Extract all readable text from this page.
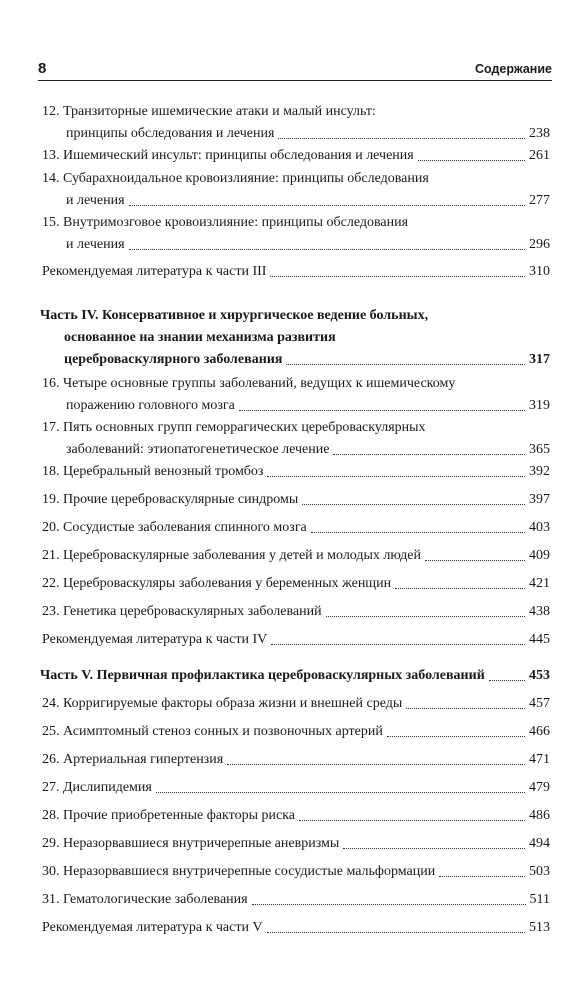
8	Содержание
12. Транзиторные ишемические атаки и малый инсульт:
принципы обследования и лечения	238
13. Ишемический инсульт: принципы обследования и лечения	261
14. Субарахноидальное кровоизлияние: принципы обследования
и лечения	277
15. Внутримозговое кровоизлияние: принципы обследования
и лечения	296
Рекомендуемая литература к части III	310
Часть IV. Консервативное и хирургическое ведение больных,
основанное на знании механизма развития
цереброваскулярного заболевания	317
16. Четыре основные группы заболеваний, ведущих к ишемическому
поражению головного мозга	319
17. Пять основных групп геморрагических цереброваскулярных
заболеваний: этиопатогенетическое лечение	365
18. Церебральный венозный тромбоз	392
19. Прочие цереброваскулярные синдромы	397
20. Сосудистые заболевания спинного мозга	403
21. Цереброваскулярные заболевания у детей и молодых людей	409
22. Цереброваскуляры заболевания у беременных женщин	421
23. Генетика цереброваскулярных заболеваний	438
Рекомендуемая литература к части IV	445
Часть V. Первичная профилактика цереброваскулярных заболеваний	453
24. Корригируемые факторы образа жизни и внешней среды	457
25. Асимптомный стеноз сонных и позвоночных артерий	466
26. Артериальная гипертензия	471
27. Дислипидемия	479
28. Прочие приобретенные факторы риска	486
29. Неразорвавшиеся внутричерепные аневризмы	494
30. Неразорвавшиеся внутричерепные сосудистые мальформации	503
31. Гематологические заболевания	511
Рекомендуемая литература к части V	513
